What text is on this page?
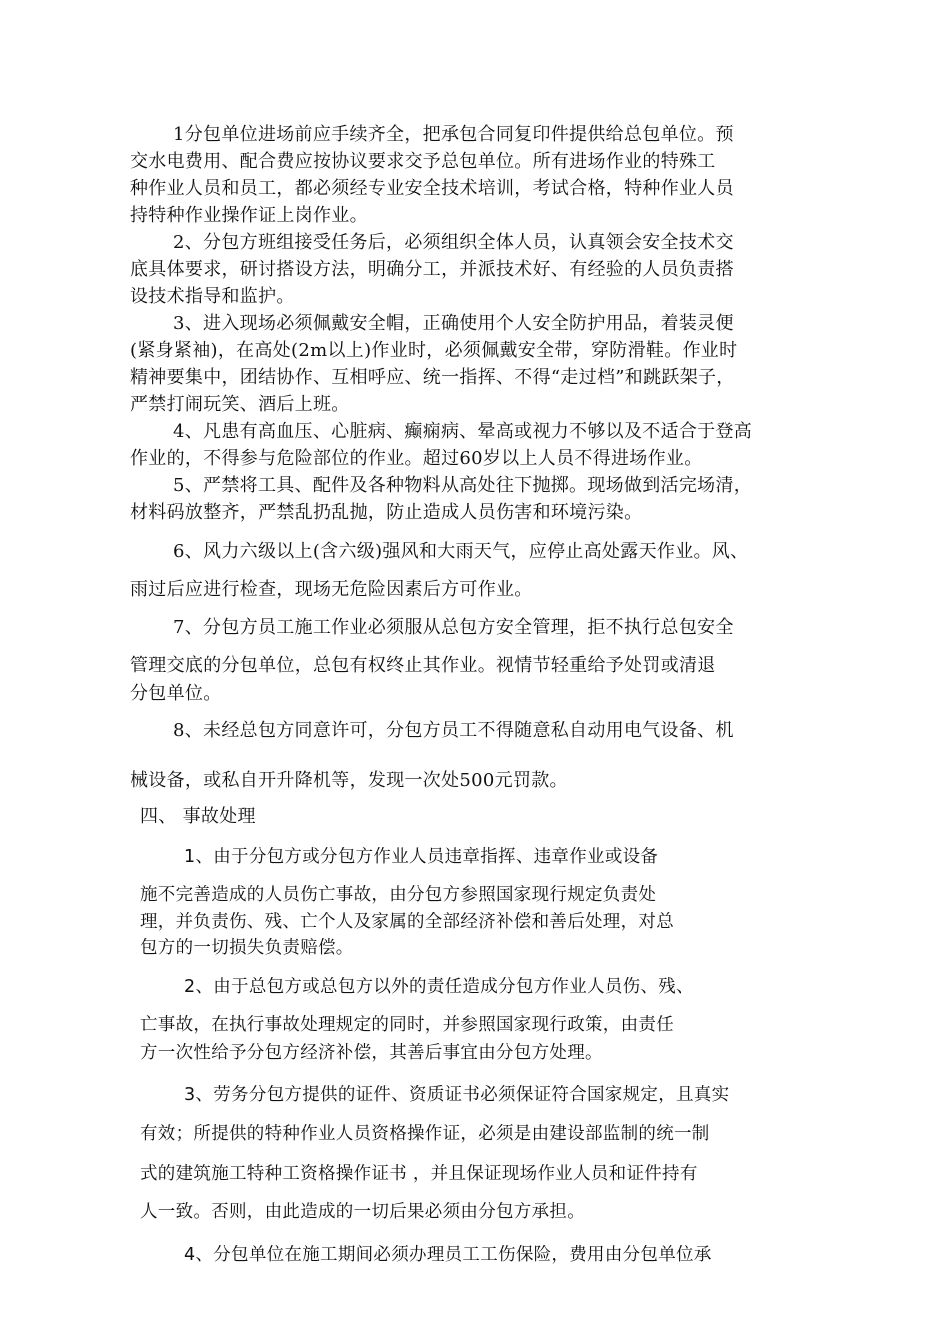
1分包单位进场前应手续齐全，把承包合同复印件提供给总包单位。预
交水电费用、配合费应按协议要求交予总包单位。所有进场作业的特殊工
种作业人员和员工，都必须经专业安全技术培训，考试合格，特种作业人员
持特种作业操作证上岗作业。
2、分包方班组接受任务后，必须组织全体人员，认真领会安全技术交
底具体要求，研讨搭设方法，明确分工，并派技术好、有经验的人员负责搭
设技术指导和监护。
3、进入现场必须佩戴安全帽，正确使用个人安全防护用品，着装灵便
(紧身紧袖)，在高处(2m以上)作业时，必须佩戴安全带，穿防滑鞋。作业时
精神要集中，团结协作、互相呼应、统一指挥、不得“走过档”和跳跃架子，
严禁打闹玩笑、酒后上班。
4、凡患有高血压、心脏病、癫痫病、晕高或视力不够以及不适合于登高
作业的，不得参与危险部位的作业。超过60岁以上人员不得进场作业。
5、严禁将工具、配件及各种物料从高处往下抛掷。现场做到活完场清，
材料码放整齐，严禁乱扔乱抛，防止造成人员伤害和环境污染。
6、风力六级以上(含六级)强风和大雨天气，应停止高处露天作业。风、
雨过后应进行检查，现场无危险因素后方可作业。
7、分包方员工施工作业必须服从总包方安全管理，拒不执行总包安全
管理交底的分包单位，总包有权终止其作业。视情节轻重给予处罚或清退
分包单位。
8、未经总包方同意许可，分包方员工不得随意私自动用电气设备、机
械设备，或私自开升降机等，发现一次处500元罚款。
四、 事故处理
1、由于分包方或分包方作业人员违章指挥、违章作业或设备
施不完善造成的人员伤亡事故，由分包方参照国家现行规定负责处
理，并负责伤、残、亡个人及家属的全部经济补偿和善后处理，对总
包方的一切损失负责赔偿。
2、由于总包方或总包方以外的责任造成分包方作业人员伤、残、
亡事故，在执行事故处理规定的同时，并参照国家现行政策，由责任
方一次性给予分包方经济补偿，其善后事宜由分包方处理。
3、劳务分包方提供的证件、资质证书必须保证符合国家规定，且真实
有效；所提供的特种作业人员资格操作证，必须是由建设部监制的统一制
式的建筑施工特种工资格操作证书 ，并且保证现场作业人员和证件持有
人一致。否则，由此造成的一切后果必须由分包方承担。
4、分包单位在施工期间必须办理员工工伤保险，费用由分包单位承
